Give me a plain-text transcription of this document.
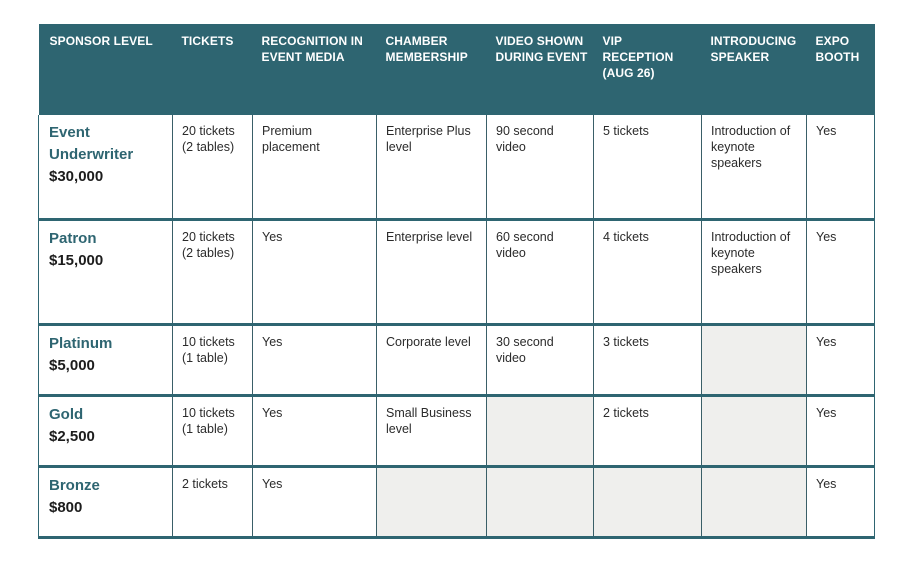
SPONSOR LEVEL	TICKETS	RECOGNITION IN EVENT MEDIA	CHAMBER MEMBERSHIP	VIDEO SHOWN DURING EVENT	VIP RECEPTION (AUG 26)	INTRODUCING SPEAKER	EXPO BOOTH

Event Underwriter
$30,000	20 tickets (2 tables)	Premium placement	Enterprise Plus level	90 second video	5 tickets	Introduction of keynote speakers	Yes

Patron
$15,000	20 tickets (2 tables)	Yes	Enterprise level	60 second video	4 tickets	Introduction of keynote speakers	Yes

Platinum
$5,000	10 tickets (1 table)	Yes	Corporate level	30 second video	3 tickets		Yes

Gold
$2,500	10 tickets (1 table)	Yes	Small Business level		2 tickets		Yes

Bronze
$800	2 tickets	Yes					Yes
